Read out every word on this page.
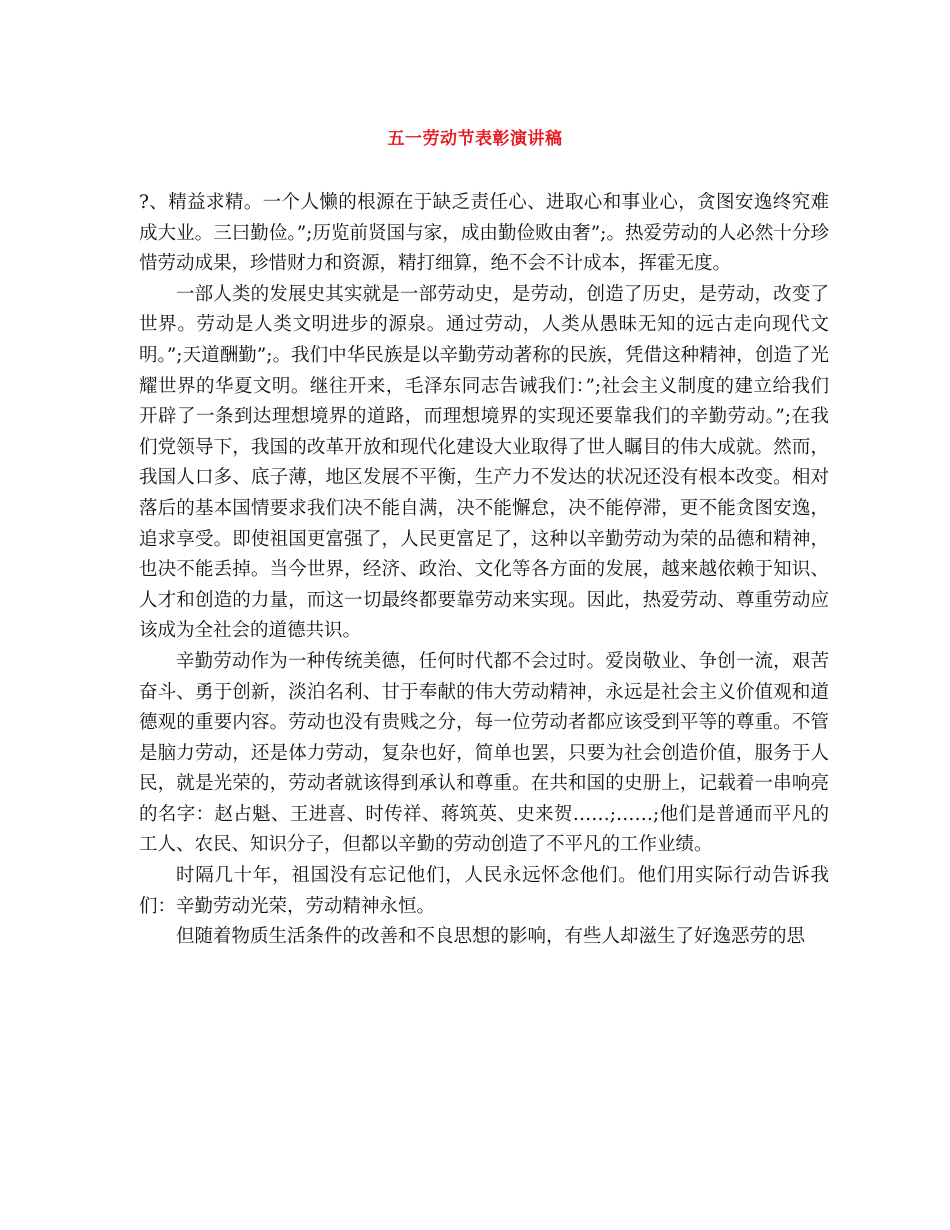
五一劳动节表彰演讲稿

?、精益求精。一个人懒的根源在于缺乏责任心、进取心和事业心，贪图安逸终究难成大业。三曰勤俭。”;历览前贤国与家，成由勤俭败由奢”;。热爱劳动的人必然十分珍惜劳动成果，珍惜财力和资源，精打细算，绝不会不计成本，挥霍无度。

一部人类的发展史其实就是一部劳动史，是劳动，创造了历史，是劳动，改变了世界。劳动是人类文明进步的源泉。通过劳动，人类从愚昧无知的远古走向现代文明。”;天道酬勤”;。我们中华民族是以辛勤劳动著称的民族，凭借这种精神，创造了光耀世界的华夏文明。继往开来，毛泽东同志告诫我们：”;社会主义制度的建立给我们开辟了一条到达理想境界的道路，而理想境界的实现还要靠我们的辛勤劳动。”;在我们党领导下，我国的改革开放和现代化建设大业取得了世人瞩目的伟大成就。然而，我国人口多、底子薄，地区发展不平衡，生产力不发达的状况还没有根本改变。相对落后的基本国情要求我们决不能自满，决不能懈怠，决不能停滞，更不能贪图安逸，追求享受。即使祖国更富强了，人民更富足了，这种以辛勤劳动为荣的品德和精神，也决不能丢掉。当今世界，经济、政治、文化等各方面的发展，越来越依赖于知识、人才和创造的力量，而这一切最终都要靠劳动来实现。因此，热爱劳动、尊重劳动应该成为全社会的道德共识。

辛勤劳动作为一种传统美德，任何时代都不会过时。爱岗敬业、争创一流，艰苦奋斗、勇于创新，淡泊名利、甘于奉献的伟大劳动精神，永远是社会主义价值观和道德观的重要内容。劳动也没有贵贱之分，每一位劳动者都应该受到平等的尊重。不管是脑力劳动，还是体力劳动，复杂也好，简单也罢，只要为社会创造价值，服务于人民，就是光荣的，劳动者就该得到承认和尊重。在共和国的史册上，记载着一串响亮的名字：赵占魁、王进喜、时传祥、蒋筑英、史来贺……;……;他们是普通而平凡的工人、农民、知识分子，但都以辛勤的劳动创造了不平凡的工作业绩。

时隔几十年，祖国没有忘记他们，人民永远怀念他们。他们用实际行动告诉我们：辛勤劳动光荣，劳动精神永恒。

但随着物质生活条件的改善和不良思想的影响，有些人却滋生了好逸恶劳的思
